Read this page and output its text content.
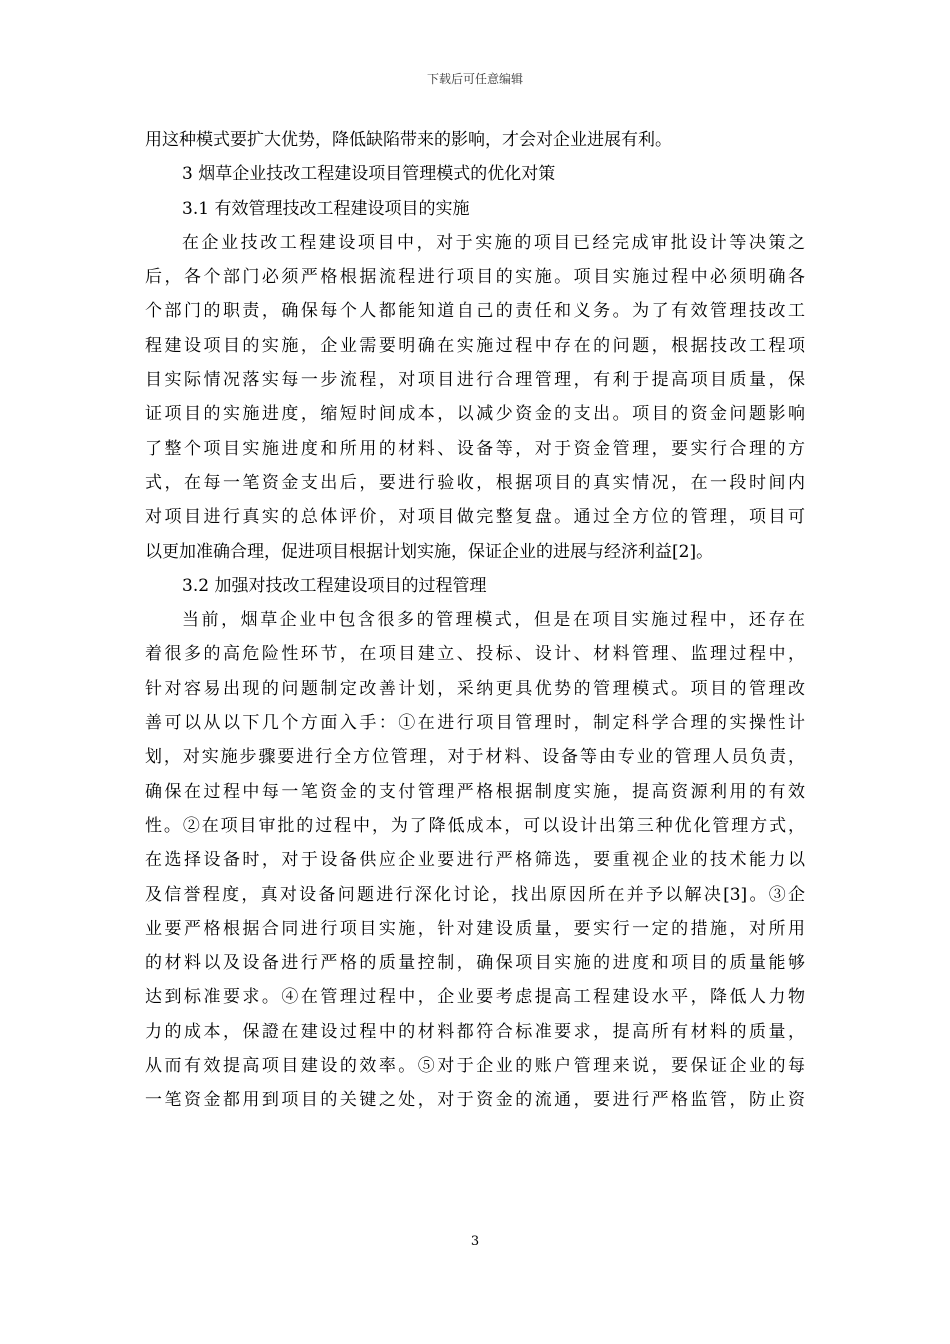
下载后可任意编辑

用这种模式要扩大优势，降低缺陷带来的影响，才会对企业进展有利。

3 烟草企业技改工程建设项目管理模式的优化对策

3.1 有效管理技改工程建设项目的实施

在企业技改工程建设项目中，对于实施的项目已经完成审批设计等决策之
后，各个部门必须严格根据流程进行项目的实施。项目实施过程中必须明确各
个部门的职责，确保每个人都能知道自己的责任和义务。为了有效管理技改工
程建设项目的实施，企业需要明确在实施过程中存在的问题，根据技改工程项
目实际情况落实每一步流程，对项目进行合理管理，有利于提高项目质量，保
证项目的实施进度，缩短时间成本，以减少资金的支出。项目的资金问题影响
了整个项目实施进度和所用的材料、设备等，对于资金管理，要实行合理的方
式，在每一笔资金支出后，要进行验收，根据项目的真实情况，在一段时间内
对项目进行真实的总体评价，对项目做完整复盘。通过全方位的管理，项目可
以更加准确合理，促进项目根据计划实施，保证企业的进展与经济利益[2]。

3.2 加强对技改工程建设项目的过程管理

当前，烟草企业中包含很多的管理模式，但是在项目实施过程中，还存在
着很多的高危险性环节，在项目建立、投标、设计、材料管理、监理过程中，
针对容易出现的问题制定改善计划，采纳更具优势的管理模式。项目的管理改
善可以从以下几个方面入手：①在进行项目管理时，制定科学合理的实操性计
划，对实施步骤要进行全方位管理，对于材料、设备等由专业的管理人员负责，
确保在过程中每一笔资金的支付管理严格根据制度实施，提高资源利用的有效
性。②在项目审批的过程中，为了降低成本，可以设计出第三种优化管理方式，
在选择设备时，对于设备供应企业要进行严格筛选，要重视企业的技术能力以
及信誉程度，真对设备问题进行深化讨论，找出原因所在并予以解决[3]。③企
业要严格根据合同进行项目实施，针对建设质量，要实行一定的措施，对所用
的材料以及设备进行严格的质量控制，确保项目实施的进度和项目的质量能够
达到标准要求。④在管理过程中，企业要考虑提高工程建设水平，降低人力物
力的成本，保證在建设过程中的材料都符合标准要求，提高所有材料的质量，
从而有效提高项目建设的效率。⑤对于企业的账户管理来说，要保证企业的每
一笔资金都用到项目的关键之处，对于资金的流通，要进行严格监管，防止资
3
